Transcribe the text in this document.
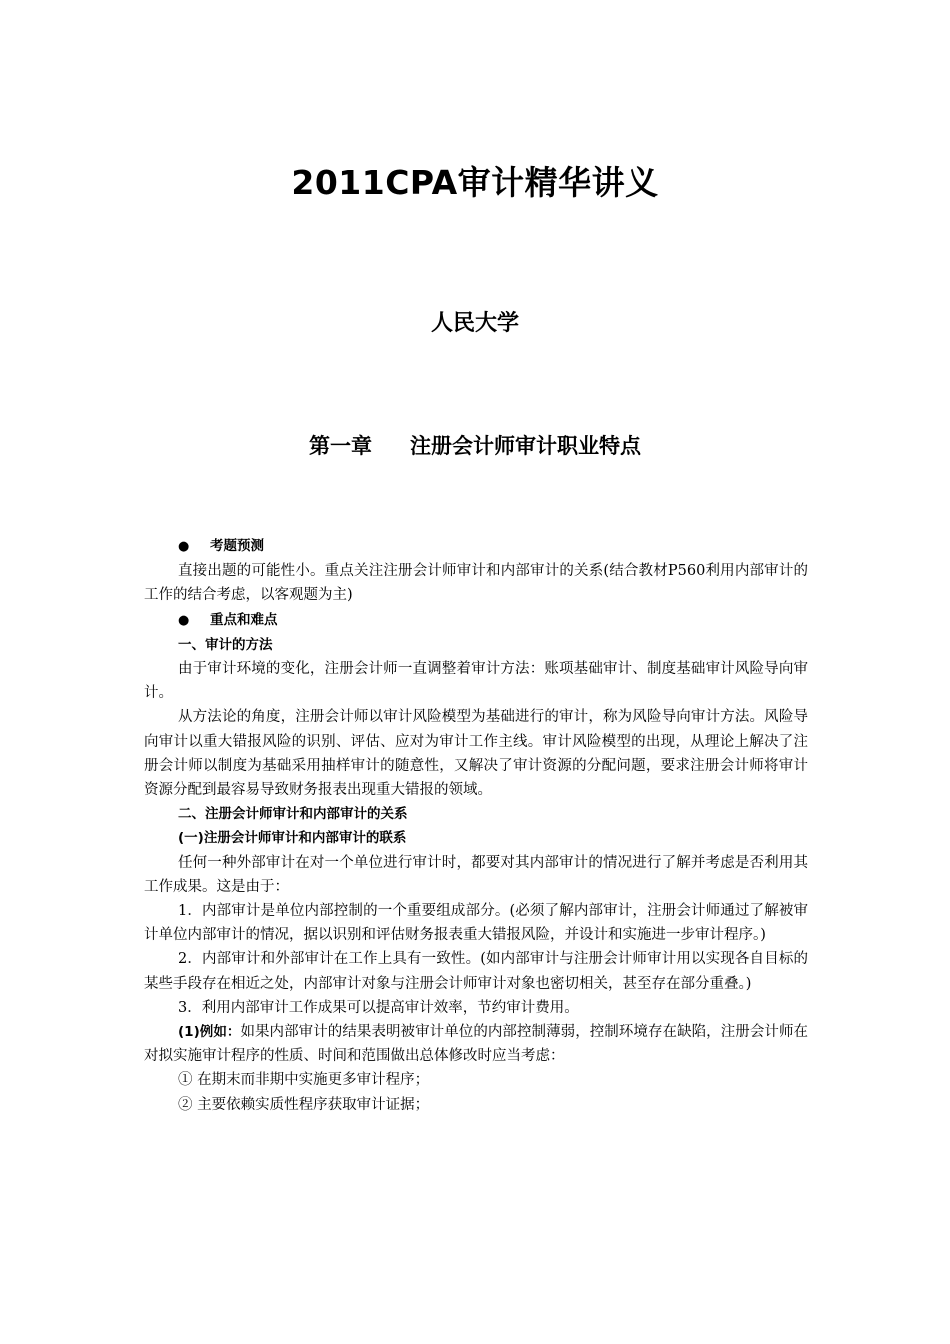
2011CPA审计精华讲义
人民大学
第一章 注册会计师审计职业特点
● 考题预测

直接出题的可能性小。重点关注注册会计师审计和内部审计的关系(结合教材P560利用内部审计的工作的结合考虑，以客观题为主)

● 重点和难点
一、审计的方法

由于审计环境的变化，注册会计师一直调整着审计方法：账项基础审计、制度基础审计风险导向审计。

从方法论的角度，注册会计师以审计风险模型为基础进行的审计，称为风险导向审计方法。风险导向审计以重大错报风险的识别、评估、应对为审计工作主线。审计风险模型的出现，从理论上解决了注册会计师以制度为基础采用抽样审计的随意性，又解决了审计资源的分配问题，要求注册会计师将审计资源分配到最容易导致财务报表出现重大错报的领域。

二、注册会计师审计和内部审计的关系
(一)注册会计师审计和内部审计的联系

任何一种外部审计在对一个单位进行审计时，都要对其内部审计的情况进行了解并考虑是否利用其工作成果。这是由于：

1．内部审计是单位内部控制的一个重要组成部分。(必须了解内部审计，注册会计师通过了解被审计单位内部审计的情况，据以识别和评估财务报表重大错报风险，并设计和实施进一步审计程序。)

2．内部审计和外部审计在工作上具有一致性。(如内部审计与注册会计师审计用以实现各自目标的某些手段存在相近之处，内部审计对象与注册会计师审计对象也密切相关，甚至存在部分重叠。)

3．利用内部审计工作成果可以提高审计效率，节约审计费用。

(1)例如：如果内部审计的结果表明被审计单位的内部控制薄弱，控制环境存在缺陷，注册会计师在对拟实施审计程序的性质、时间和范围做出总体修改时应当考虑：

① 在期末而非期中实施更多审计程序；
② 主要依赖实质性程序获取审计证据；
